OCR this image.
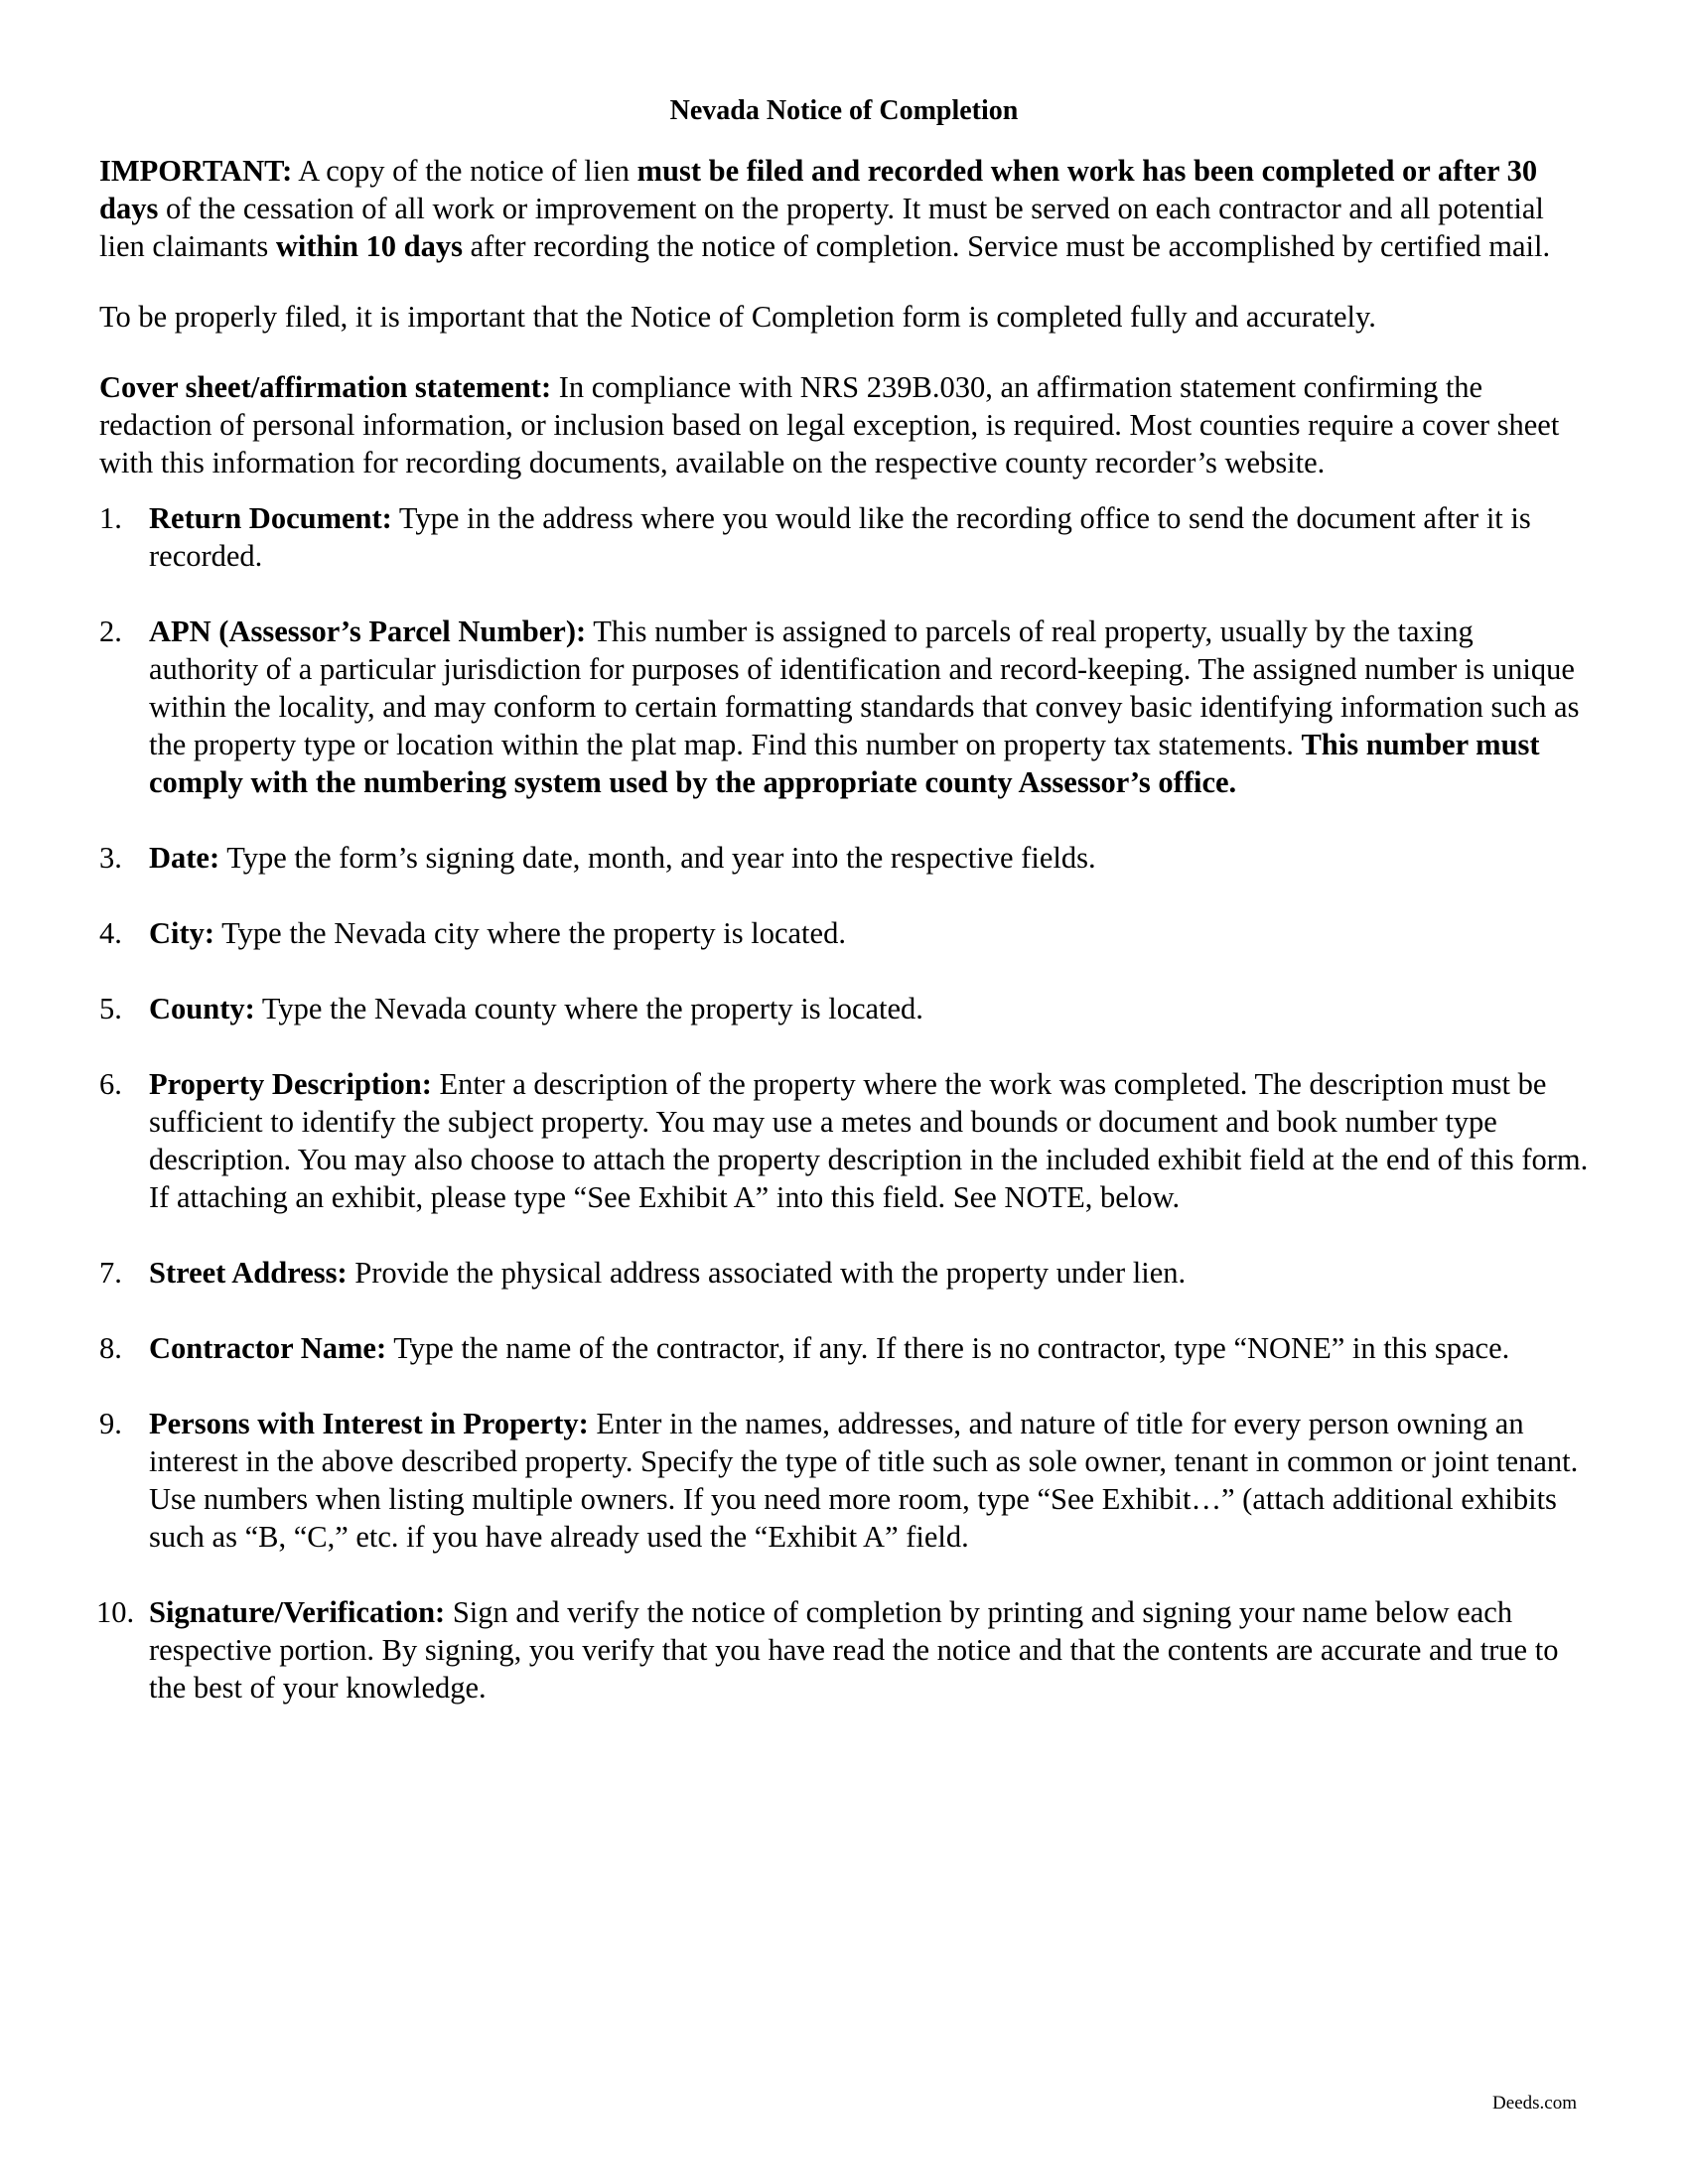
Nevada Notice of Completion

IMPORTANT: A copy of the notice of lien must be filed and recorded when work has been completed or after 30 days of the cessation of all work or improvement on the property. It must be served on each contractor and all potential lien claimants within 10 days after recording the notice of completion. Service must be accomplished by certified mail.

To be properly filed, it is important that the Notice of Completion form is completed fully and accurately.

Cover sheet/affirmation statement: In compliance with NRS 239B.030, an affirmation statement confirming the redaction of personal information, or inclusion based on legal exception, is required. Most counties require a cover sheet with this information for recording documents, available on the respective county recorder’s website.

1. Return Document: Type in the address where you would like the recording office to send the document after it is recorded.
2. APN (Assessor’s Parcel Number): This number is assigned to parcels of real property, usually by the taxing authority of a particular jurisdiction for purposes of identification and record-keeping. The assigned number is unique within the locality, and may conform to certain formatting standards that convey basic identifying information such as the property type or location within the plat map. Find this number on property tax statements. This number must comply with the numbering system used by the appropriate county Assessor’s office.
3. Date: Type the form’s signing date, month, and year into the respective fields.
4. City: Type the Nevada city where the property is located.
5. County: Type the Nevada county where the property is located.
6. Property Description: Enter a description of the property where the work was completed. The description must be sufficient to identify the subject property. You may use a metes and bounds or document and book number type description. You may also choose to attach the property description in the included exhibit field at the end of this form. If attaching an exhibit, please type “See Exhibit A” into this field. See NOTE, below.
7. Street Address: Provide the physical address associated with the property under lien.
8. Contractor Name: Type the name of the contractor, if any. If there is no contractor, type “NONE” in this space.
9. Persons with Interest in Property: Enter in the names, addresses, and nature of title for every person owning an interest in the above described property. Specify the type of title such as sole owner, tenant in common or joint tenant. Use numbers when listing multiple owners. If you need more room, type “See Exhibit…” (attach additional exhibits such as “B, “C,” etc. if you have already used the “Exhibit A” field.
10. Signature/Verification: Sign and verify the notice of completion by printing and signing your name below each respective portion. By signing, you verify that you have read the notice and that the contents are accurate and true to the best of your knowledge.
Deeds.com
